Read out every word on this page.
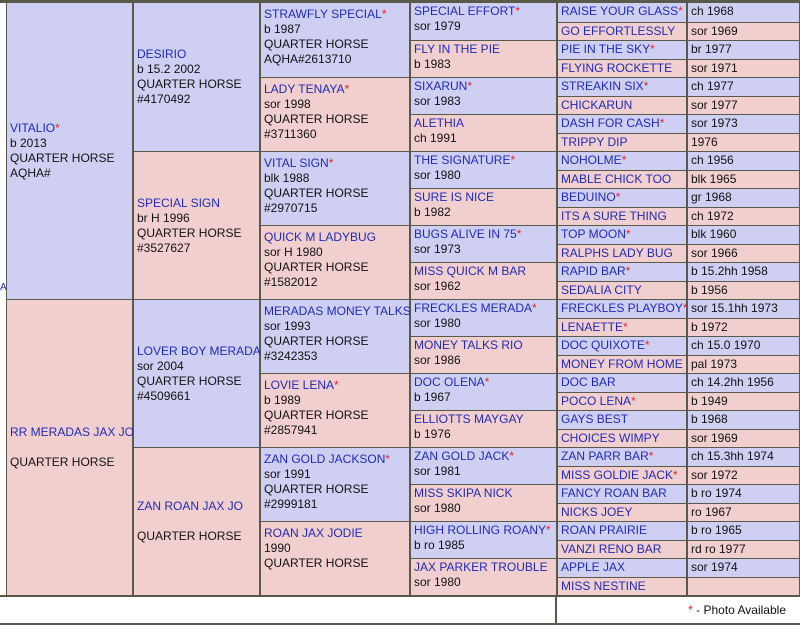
A
* - Photo Available
VITALIO*
b 2013
QUARTER HORSE
AQHA#
RR MERADAS JAX JO

QUARTER HORSE
DESIRIO
b 15.2 2002
QUARTER HORSE
#4170492
SPECIAL SIGN
br H 1996
QUARTER HORSE
#3527627
LOVER BOY MERADA
sor 2004
QUARTER HORSE
#4509661
ZAN ROAN JAX JO

QUARTER HORSE
STRAWFLY SPECIAL*
b 1987
QUARTER HORSE
AQHA#2613710
LADY TENAYA*
sor 1998
QUARTER HORSE
#3711360
VITAL SIGN*
blk 1988
QUARTER HORSE
#2970715
QUICK M LADYBUG
sor H 1980
QUARTER HORSE
#1582012
MERADAS MONEY TALKS
sor 1993
QUARTER HORSE
#3242353
LOVIE LENA*
b 1989
QUARTER HORSE
#2857941
ZAN GOLD JACKSON*
sor 1991
QUARTER HORSE
#2999181
ROAN JAX JODIE
1990
QUARTER HORSE
SPECIAL EFFORT*
sor 1979
FLY IN THE PIE
b 1983
SIXARUN*
sor 1983
ALETHIA
ch 1991
THE SIGNATURE*
sor 1980
SURE IS NICE
b 1982
BUGS ALIVE IN 75*
sor 1973
MISS QUICK M BAR
sor 1962
FRECKLES MERADA*
sor 1980
MONEY TALKS RIO
sor 1986
DOC OLENA*
b 1967
ELLIOTTS MAYGAY
b 1976
ZAN GOLD JACK*
sor 1981
MISS SKIPA NICK
sor 1980
HIGH ROLLING ROANY*
b ro 1985
JAX PARKER TROUBLE
sor 1980
RAISE YOUR GLASS* ch 1968
GO EFFORTLESSLY	sor 1969
PIE IN THE SKY*	br 1977
FLYING ROCKETTE	sor 1971
STREAKIN SIX*	ch 1977
CHICKARUN	sor 1977
DASH FOR CASH*	sor 1973
TRIPPY DIP	1976
NOHOLME*	ch 1956
MABLE CHICK TOO	blk 1965
BEDUINO*	gr 1968
ITS A SURE THING	ch 1972
TOP MOON*	blk 1960
RALPHS LADY BUG	sor 1966
RAPID BAR*	b 15.2hh 1958
SEDALIA CITY	b 1956
FRECKLES PLAYBOY* sor 15.1hh 1973
LENAETTE*	b 1972
DOC QUIXOTE*	ch 15.0 1970
MONEY FROM HOME pal 1973
DOC BAR	ch 14.2hh 1956
POCO LENA*	b 1949
GAYS BEST	b 1968
CHOICES WIMPY	sor 1969
ZAN PARR BAR*	ch 15.3hh 1974
MISS GOLDIE JACK*	sor 1972
FANCY ROAN BAR	b ro 1974
NICKS JOEY	ro 1967
ROAN PRAIRIE	b ro 1965
VANZI RENO BAR	rd ro 1977
APPLE JAX	sor 1974
MISS NESTINE
